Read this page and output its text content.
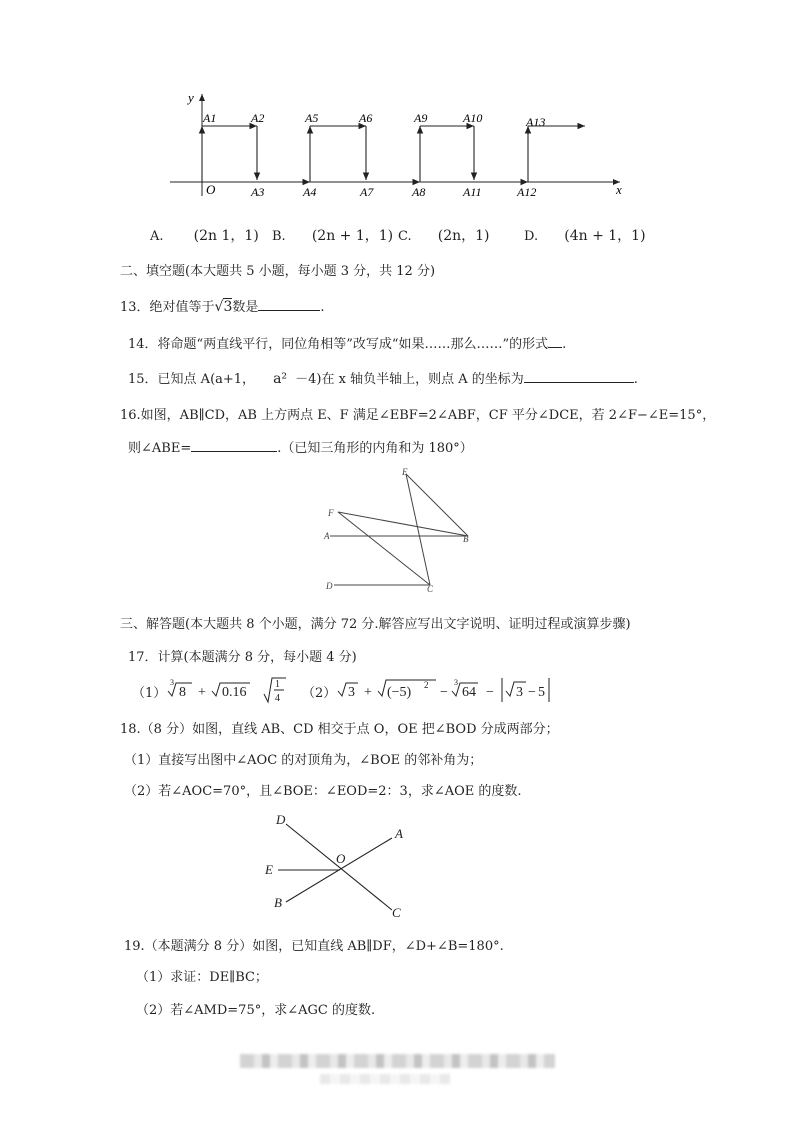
y
x
O
A1	A2	A5	A6	A9	A10	A13
A3	A4	A7	A8	A11	A12
A. (2n 1，1) B. (2n + 1，1) C. (2n，1)	D. (4n + 1，1)
二、填空题(本大题共 5 小题，每小题 3 分，共 12 分)
13．绝对值等于√3数是	.
14．将命题“两直线平行，同位角相等”改写成“如果……那么……”的形式 .
15．已知点 A(a+1， a² －4)在 x 轴负半轴上，则点 A 的坐标为	.
16.如图，AB∥CD，AB 上方两点 E、F 满足∠EBF=2∠ABF，CF 平分∠DCE，若 2∠F−∠E=15°，
则∠ABE=	.（已知三角形的内角和为 180°）
E
F
A	B
D	C
三、解答题(本大题共 8 个小题，满分 72 分.解答应写出文字说明、证明过程或演算步骤)
17．计算(本题满分 8 分，每小题 4 分)
（1）
3
8 + 0.16
1
4 （2） 3 + (−5) 2 −
3
64 − 3 − 5
18.（8 分）如图，直线 AB、CD 相交于点 O，OE 把∠BOD 分成两部分；
（1）直接写出图中∠AOC 的对顶角为，∠BOE 的邻补角为；
（2）若∠AOC=70°，且∠BOE：∠EOD=2：3，求∠AOE 的度数.
D
A
E
O
B
C
19.（本题满分 8 分）如图，已知直线 AB∥DF，∠D+∠B=180°.
（1）求证：DE∥BC；
（2）若∠AMD=75°，求∠AGC 的度数.
